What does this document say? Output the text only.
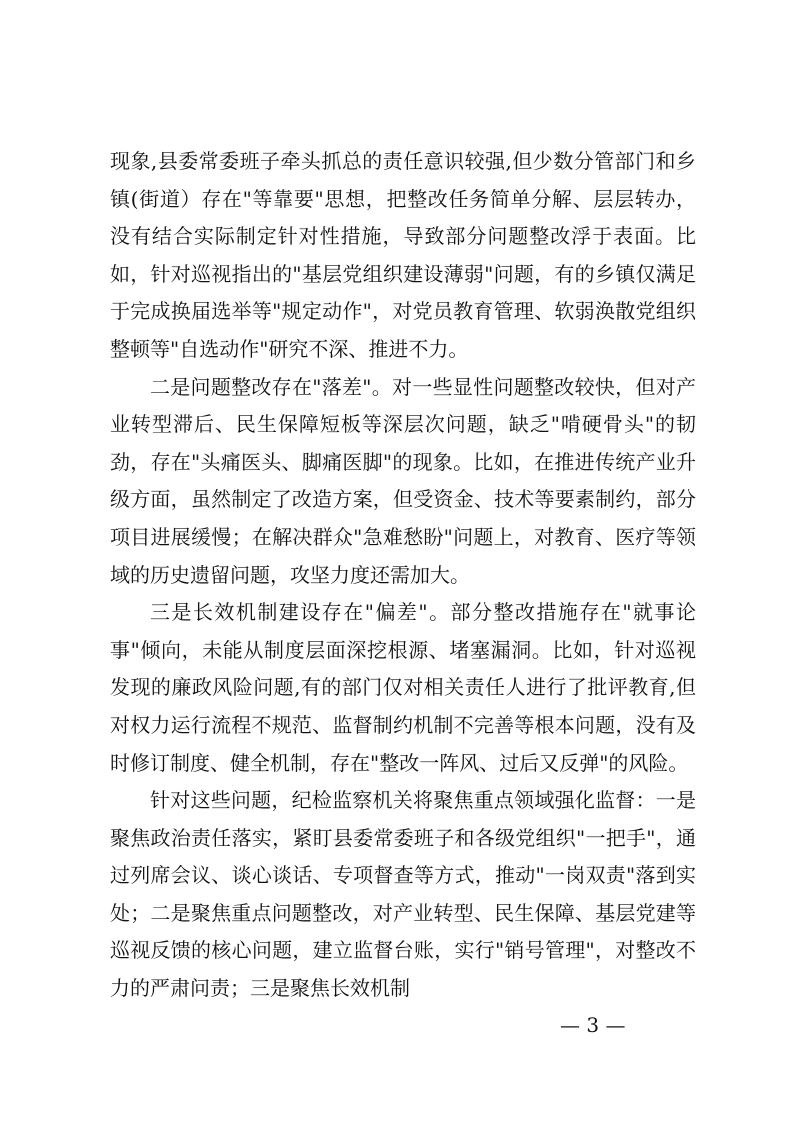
现象,县委常委班子牵头抓总的责任意识较强,但少数分管部门和乡镇(街道）存在"等靠要"思想，把整改任务简单分解、层层转办，没有结合实际制定针对性措施，导致部分问题整改浮于表面。比如，针对巡视指出的"基层党组织建设薄弱"问题，有的乡镇仅满足于完成换届选举等"规定动作"，对党员教育管理、软弱涣散党组织整顿等"自选动作"研究不深、推进不力。

二是问题整改存在"落差"。对一些显性问题整改较快，但对产业转型滞后、民生保障短板等深层次问题，缺乏"啃硬骨头"的韧劲，存在"头痛医头、脚痛医脚"的现象。比如，在推进传统产业升级方面，虽然制定了改造方案，但受资金、技术等要素制约，部分项目进展缓慢；在解决群众"急难愁盼"问题上，对教育、医疗等领域的历史遗留问题，攻坚力度还需加大。

三是长效机制建设存在"偏差"。部分整改措施存在"就事论事"倾向，未能从制度层面深挖根源、堵塞漏洞。比如，针对巡视发现的廉政风险问题,有的部门仅对相关责任人进行了批评教育,但对权力运行流程不规范、监督制约机制不完善等根本问题，没有及时修订制度、健全机制，存在"整改一阵风、过后又反弹"的风险。

针对这些问题，纪检监察机关将聚焦重点领域强化监督：一是聚焦政治责任落实，紧盯县委常委班子和各级党组织"一把手"，通过列席会议、谈心谈话、专项督查等方式，推动"一岗双责"落到实处；二是聚焦重点问题整改，对产业转型、民生保障、基层党建等巡视反馈的核心问题，建立监督台账，实行"销号管理"，对整改不力的严肃问责；三是聚焦长效机制

— 3 —
